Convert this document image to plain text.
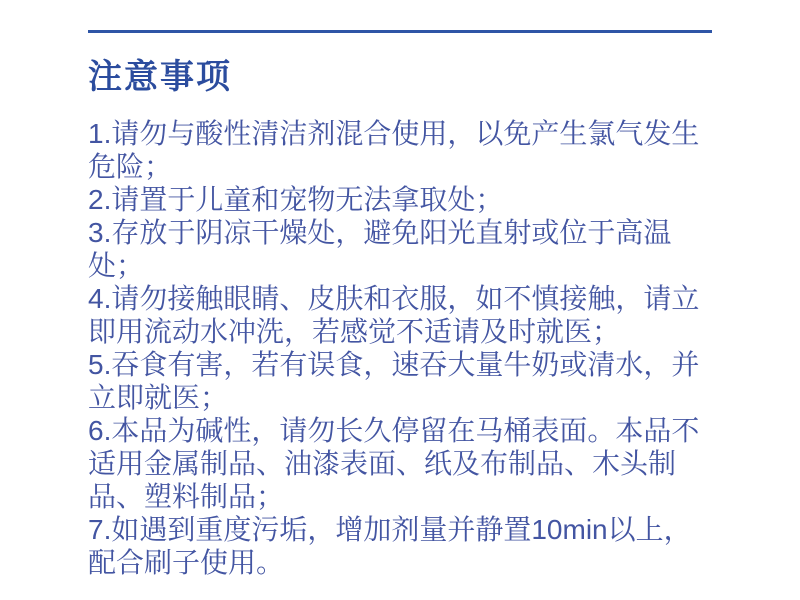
注意事项

1.请勿与酸性清洁剂混合使用，以免产生氯气发生危险；

2.请置于儿童和宠物无法拿取处；

3.存放于阴凉干燥处，避免阳光直射或位于高温处；

4.请勿接触眼睛、皮肤和衣服，如不慎接触，请立即用流动水冲洗，若感觉不适请及时就医；

5.吞食有害，若有误食，速吞大量牛奶或清水，并立即就医；

6.本品为碱性，请勿长久停留在马桶表面。本品不适用金属制品、油漆表面、纸及布制品、木头制品、塑料制品；

7.如遇到重度污垢，增加剂量并静置10min以上，配合刷子使用。
